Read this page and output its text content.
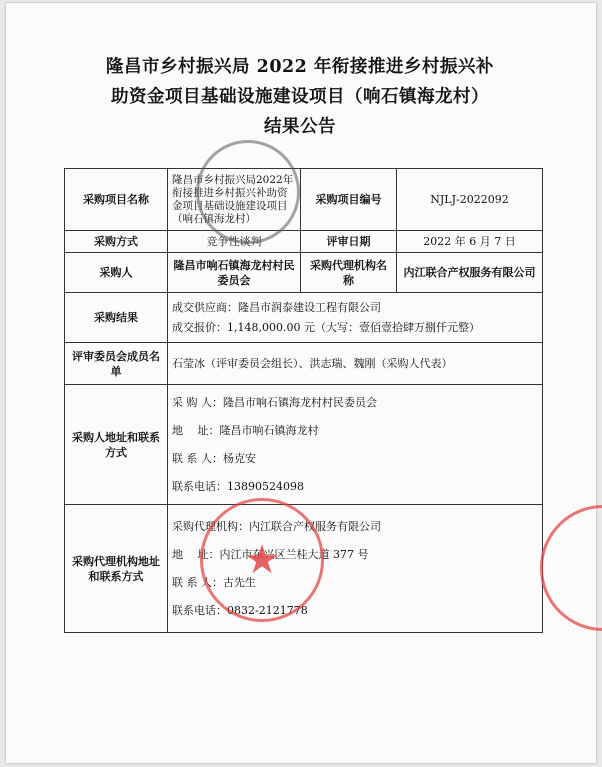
隆昌市乡村振兴局 2022 年衔接推进乡村振兴补
助资金项目基础设施建设项目（响石镇海龙村）
结果公告
采购项目名称	隆昌市乡村振兴局2022年衔接推进乡村振兴补助资金项目基础设施建设项目（响石镇海龙村）	采购项目编号	NJLJ-2022092
采购方式	竞争性谈判	评审日期	2022 年 6 月 7 日
采购人	隆昌市响石镇海龙村村民委员会	采购代理机构名称	内江联合产权服务有限公司
采购结果	成交供应商：隆昌市润泰建设工程有限公司
成交报价：1,148,000.00 元（大写：壹佰壹拾肆万捌仟元整）		

评审委员会成员名单	石莹冰（评审委员会组长）、洪志瑞、魏刚（采购人代表）		
采购人地址和联系方式	采 购 人：隆昌市响石镇海龙村村民委员会
地　 址：隆昌市响石镇海龙村
联 系 人：杨克安
联系电话：13890524098		

采购代理机构地址和联系方式	采购代理机构：内江联合产权服务有限公司
地　 址：内江市东兴区兰桂大道 377 号
联 系 人：古先生
联系电话：0832-2121778		
★
